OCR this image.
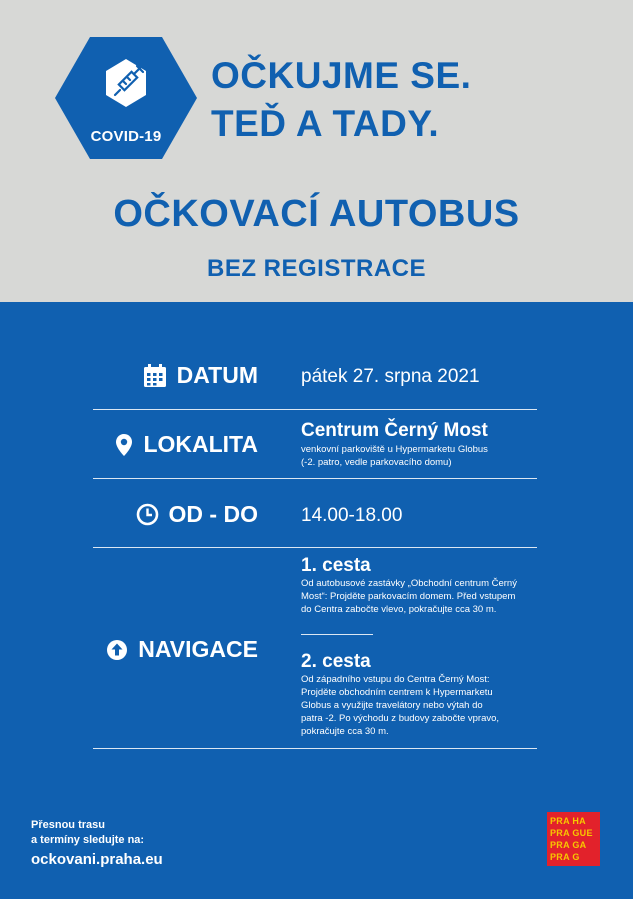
COVID-19
OČKUJME SE.
TEĎ A TADY.
OČKOVACÍ AUTOBUS
BEZ REGISTRACE
DATUM pátek 27. srpna 2021
LOKALITA
Centrum Černý Most
venkovní parkoviště u Hypermarketu Globus
(-2. patro, vedle parkovacího domu)
OD - DO 14.00-18.00
NAVIGACE
1. cesta
Od autobusové zastávky „Obchodní centrum Černý
Most“: Projděte parkovacím domem. Před vstupem
do Centra zabočte vlevo, pokračujte cca 30 m.
2. cesta
Od západního vstupu do Centra Černý Most:
Projděte obchodním centrem k Hypermarketu
Globus a využijte travelátory nebo výtah do
patra -2. Po východu z budovy zabočte vpravo,
pokračujte cca 30 m.
Přesnou trasu
a termíny sledujte na:
ockovani.praha.eu
PRA HA
PRA GUE
PRA GA
PRA G
